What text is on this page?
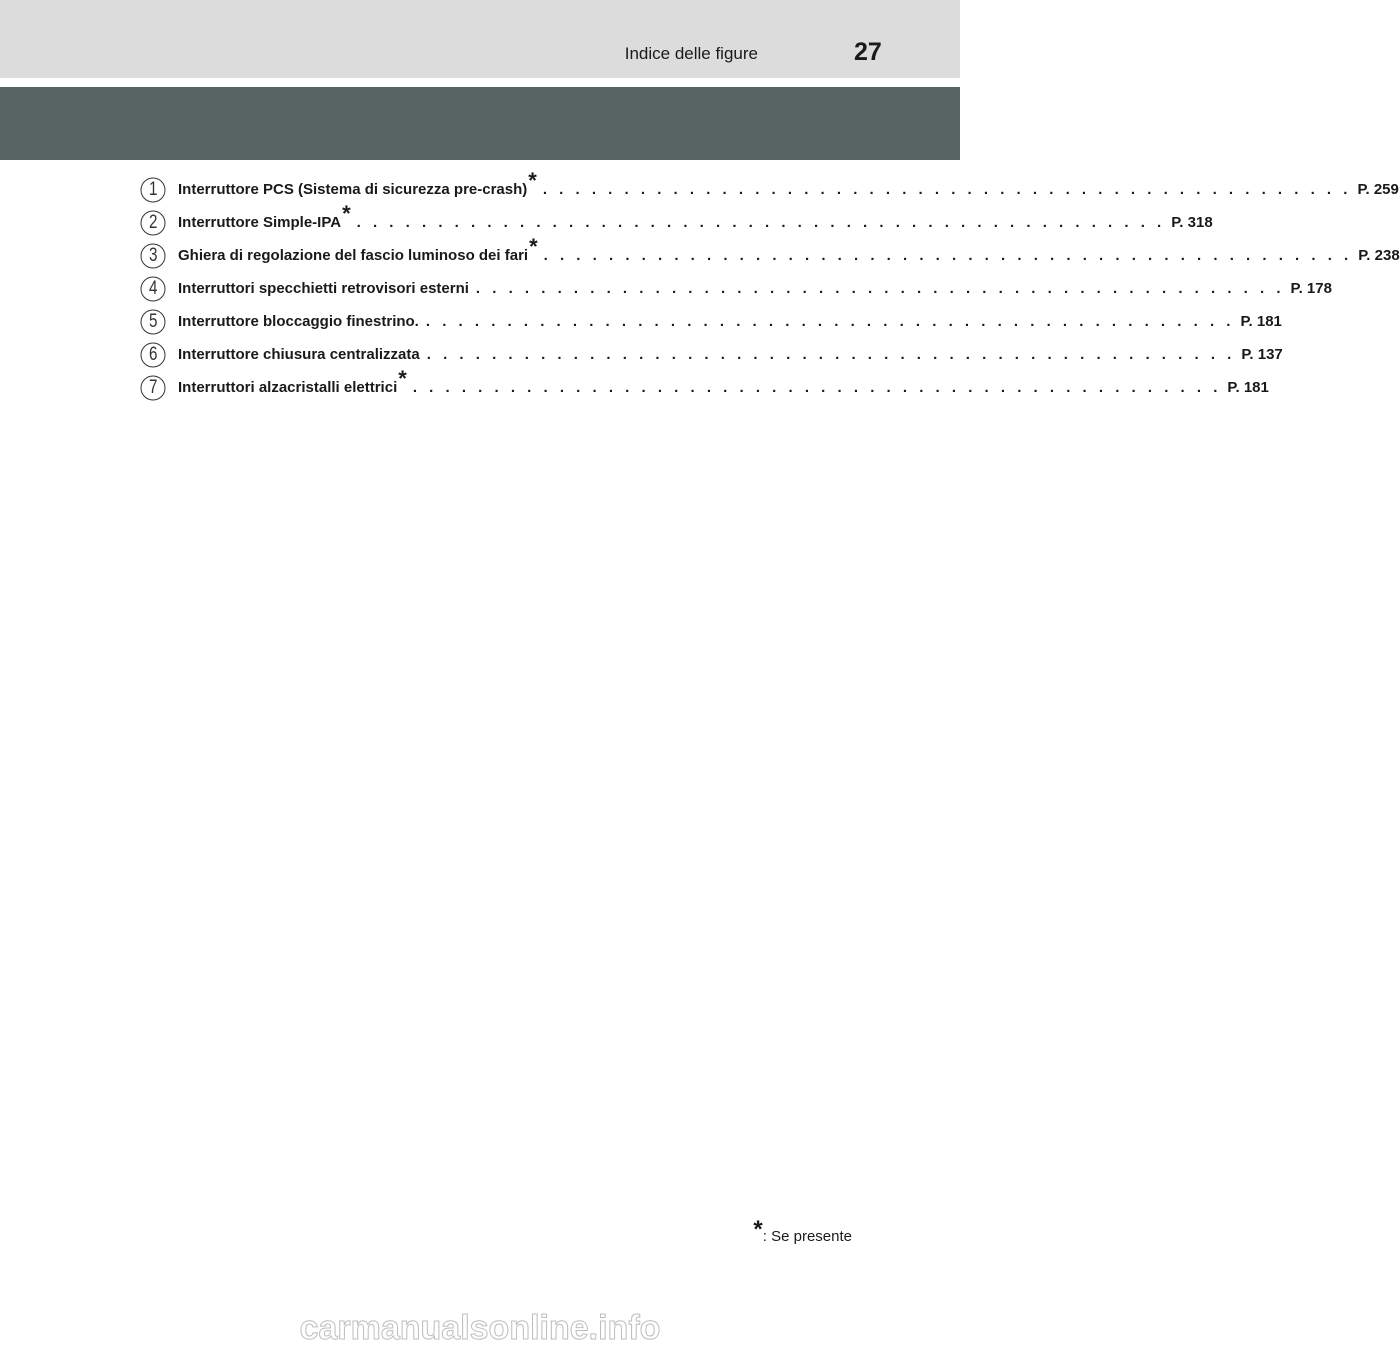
Indice delle figure	27
1 Interruttore PCS (Sistema di sicurezza pre-crash)* . . . . . . . . . . . . . . . . . . . . . . . . . . . . . . . . . . . . . . . . . . . . . . . . . . P. 259
2 Interruttore Simple-IPA* . . . . . . . . . . . . . . . . . . . . . . . . . . . . . . . . . . . . . . . . . . . . . . . . . . P. 318
3 Ghiera di regolazione del fascio luminoso dei fari* . . . . . . . . . . . . . . . . . . . . . . . . . . . . . . . . . . . . . . . . . . . . . . . . . . P. 238
4 Interruttori specchietti retrovisori esterni . . . . . . . . . . . . . . . . . . . . . . . . . . . . . . . . . . . . . . . . . . . . . . . . . . P. 178
5 Interruttore bloccaggio finestrino. . . . . . . . . . . . . . . . . . . . . . . . . . . . . . . . . . . . . . . . . . . . . . . . . . . P. 181
6 Interruttore chiusura centralizzata . . . . . . . . . . . . . . . . . . . . . . . . . . . . . . . . . . . . . . . . . . . . . . . . . . P. 137
7 Interruttori alzacristalli elettrici* . . . . . . . . . . . . . . . . . . . . . . . . . . . . . . . . . . . . . . . . . . . . . . . . . . P. 181
*: Se presente
carmanualsonline.info
